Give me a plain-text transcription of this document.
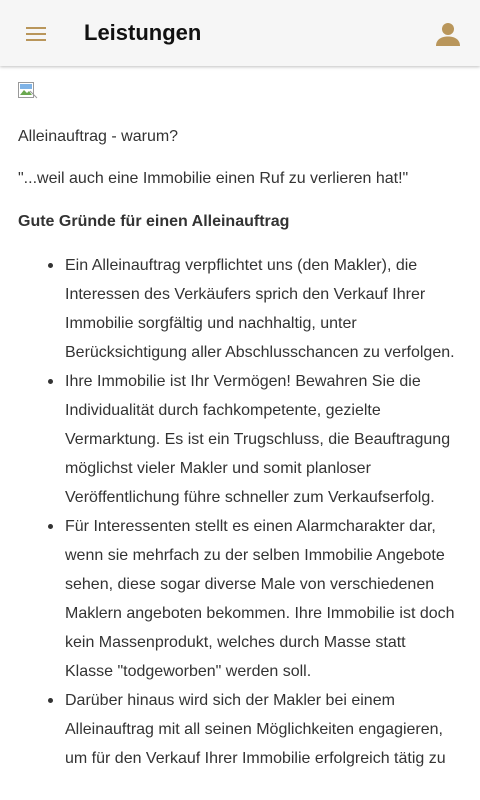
Leistungen

Alleinauftrag - warum?

"...weil auch eine Immobilie einen Ruf zu verlieren hat!"

Gute Gründe für einen Alleinauftrag

Ein Alleinauftrag verpflichtet uns (den Makler), die Interessen des Verkäufers sprich den Verkauf Ihrer Immobilie sorgfältig und nachhaltig, unter Berücksichtigung aller Abschlusschancen zu verfolgen.
Ihre Immobilie ist Ihr Vermögen! Bewahren Sie die Individualität durch fachkompetente, gezielte Vermarktung. Es ist ein Trugschluss, die Beauftragung möglichst vieler Makler und somit planloser Veröffentlichung führe schneller zum Verkaufserfolg.
Für Interessenten stellt es einen Alarmcharakter dar, wenn sie mehrfach zu der selben Immobilie Angebote sehen, diese sogar diverse Male von verschiedenen Maklern angeboten bekommen. Ihre Immobilie ist doch kein Massenprodukt, welches durch Masse statt Klasse "todgeworben" werden soll.
Darüber hinaus wird sich der Makler bei einem Alleinauftrag mit all seinen Möglichkeiten engagieren, um für den Verkauf Ihrer Immobilie erfolgreich tätig zu
